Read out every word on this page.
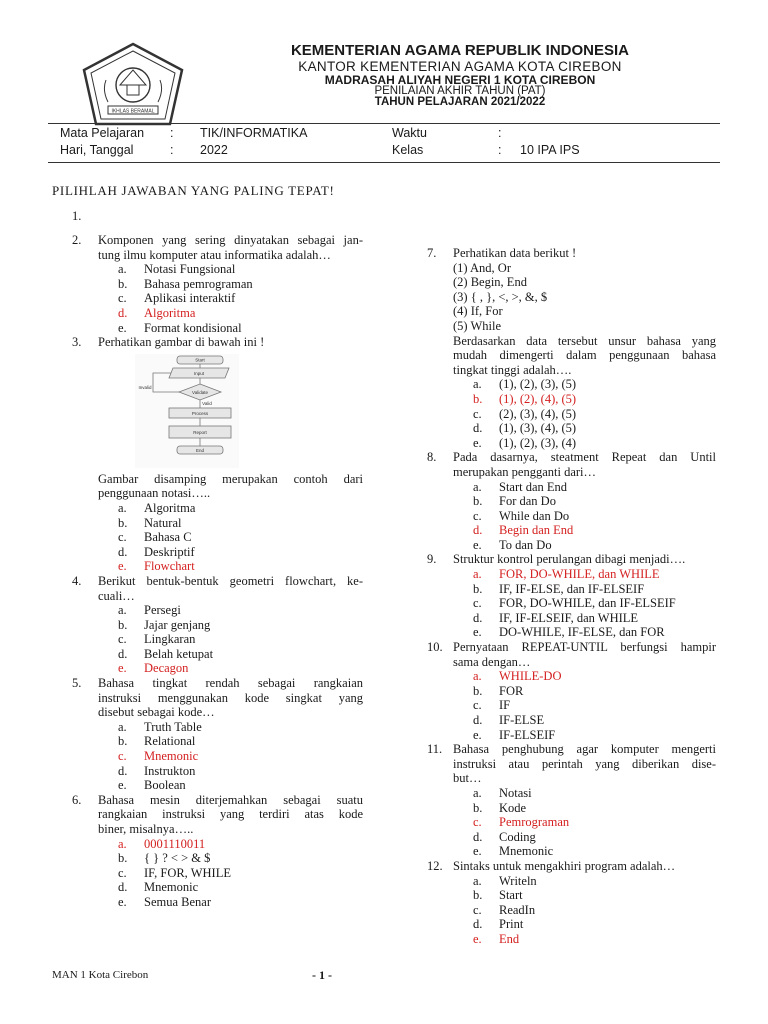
IKHLAS BERAMAL
KEMENTERIAN AGAMA REPUBLIK INDONESIA
KANTOR KEMENTERIAN AGAMA KOTA CIREBON
MADRASAH ALIYAH NEGERI 1 KOTA CIREBON
PENILAIAN AKHIR TAHUN (PAT)
TAHUN PELAJARAN 2021/2022
Mata Pelajaran : TIK/INFORMATIKA	Waktu	:
Hari, Tanggal	: 2022	Kelas	: 10 IPA IPS
PILIHLAH JAWABAN YANG PALING TEPAT!
1.
2. Komponen yang sering dinyatakan sebagai jan-
tung ilmu komputer atau informatika adalah…
a. Notasi Fungsional
b. Bahasa pemrograman
c. Aplikasi interaktif
d. Algoritma
e. Format kondisional
3. Perhatikan gambar di bawah ini !
Gambar disamping merupakan contoh dari
penggunaan notasi…..
a. Algoritma
b. Natural
c. Bahasa C
d. Deskriptif
e. Flowchart
4. Berikut bentuk-bentuk geometri flowchart, ke-
cuali…
a. Persegi
b. Jajar genjang
c. Lingkaran
d. Belah ketupat
e. Decagon
5. Bahasa tingkat rendah sebagai rangkaian
instruksi menggunakan kode singkat yang
disebut sebagai kode…
a. Truth Table
b. Relational
c. Mnemonic
d. Instrukton
e. Boolean
6. Bahasa mesin diterjemahkan sebagai suatu
rangkaian instruksi yang terdiri atas kode
biner, misalnya…..
a. 0001110011
b. { } ? < > & $
c. IF, FOR, WHILE
d. Mnemonic
e. Semua Benar
7. Perhatikan data berikut !
(1) And, Or
(2) Begin, End
(3) { , }, <, >, &, $
(4) If, For
(5) While
Berdasarkan data tersebut unsur bahasa yang
mudah dimengerti dalam penggunaan bahasa
tingkat tinggi adalah….
a. (1), (2), (3), (5)
b. (1), (2), (4), (5)
c. (2), (3), (4), (5)
d. (1), (3), (4), (5)
e. (1), (2), (3), (4)
8. Pada dasarnya, steatment Repeat dan Until
merupakan pengganti dari…
a. Start dan End
b. For dan Do
c. While dan Do
d. Begin dan End
e. To dan Do
9. Struktur kontrol perulangan dibagi menjadi….
a. FOR, DO-WHILE, dan WHILE
b. IF, IF-ELSE, dan IF-ELSEIF
c. FOR, DO-WHILE, dan IF-ELSEIF
d. IF, IF-ELSEIF, dan WHILE
e. DO-WHILE, IF-ELSE, dan FOR
10. Pernyataan REPEAT-UNTIL berfungsi hampir
sama dengan…
a. WHILE-DO
b. FOR
c. IF
d. IF-ELSE
e. IF-ELSEIF
11. Bahasa penghubung agar komputer mengerti
instruksi atau perintah yang diberikan dise-
but…
a. Notasi
b. Kode
c. Pemrograman
d. Coding
e. Mnemonic
12. Sintaks untuk mengakhiri program adalah…
a. Writeln
b. Start
c. ReadIn
d. Print
e. End
Start
Input
Validate
Valid
Invalid
Process
Report
End
MAN 1 Kota Cirebon	- 1 -
